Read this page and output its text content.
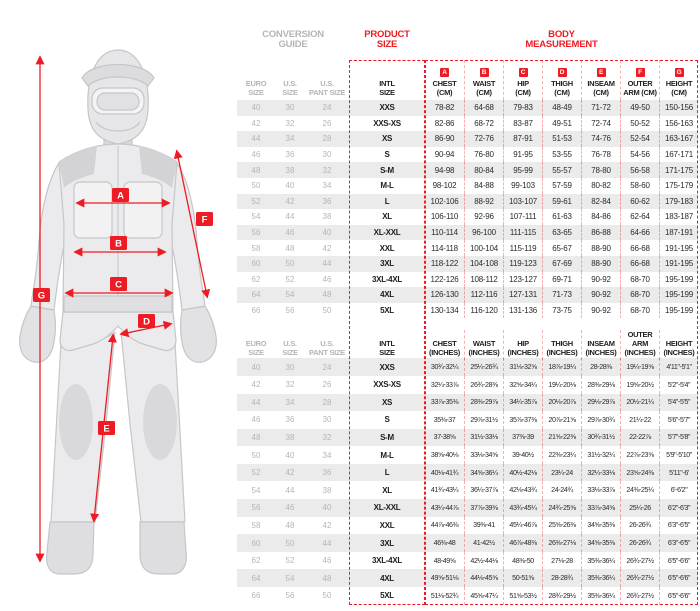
A
B
C
D
E
F
G
CONVERSION GUIDE
PRODUCT SIZE
BODY MEASUREMENT
EURO
SIZE
U.S.
SIZE
U.S.
PANT SIZE
INTL
SIZE
A
CHEST
(CM)
B
WAIST
(CM)
C
HIP
(CM)
D
THIGH
(CM)
E
INSEAM
(CM)
F
OUTER
ARM (CM)
G
HEIGHT
(CM)
40	30	24	XXS	78-82	64-68	79-83	48-49	71-72	49-50	150-156
42	32	26	XXS-XS	82-86	68-72	83-87	49-51	72-74	50-52	156-163
44	34	28	XS	86-90	72-76	87-91	51-53	74-76	52-54	163-167
46	36	30	S	90-94	76-80	91-95	53-55	76-78	54-56	167-171
48	38	32	S-M	94-98	80-84	95-99	55-57	78-80	56-58	171-175
50	40	34	M-L	98-102	84-88	99-103	57-59	80-82	58-60	175-179
52	42	36	L	102-106	88-92	103-107	59-61	82-84	60-62	179-183
54	44	38	XL	106-110	92-96	107-111	61-63	84-86	62-64	183-187
56	46	40	XL-XXL	110-114	96-100	111-115	63-65	86-88	64-66	187-191
58	48	42	XXL	114-118	100-104	115-119	65-67	88-90	66-68	191-195
60	50	44	3XL	118-122	104-108	119-123	67-69	88-90	66-68	191-195
62	52	46	3XL-4XL	122-126	108-112	123-127	69-71	90-92	68-70	195-199
64	54	48	4XL	126-130	112-116	127-131	71-73	90-92	68-70	195-199
66	56	50	5XL	130-134	116-120	131-136	73-75	90-92	68-70	195-199
EURO
SIZE
U.S.
SIZE
U.S.
PANT SIZE
INTL
SIZE
CHEST
(INCHES)
WAIST
(INCHES)
HIP
(INCHES)
THIGH
(INCHES)
INSEAM
(INCHES)
OUTER ARM
(INCHES)
HEIGHT
(INCHES)
40	30	24	XXS	30¾-32¼	25¼-26¾	31⅛-32⅝	18⅞-19¼	28-28⅜	19¼-19⅝	4'11"-5'1"
42	32	26	XXS-XS	32¼-33⅞	26¾-28⅜	32⅝-34¼	19¼-20⅛	28⅜-29⅛	19⅝-20½	5'2"-5'4"
44	34	28	XS	33⅞-35⅜	28⅜-29⅞	34¼-35⅞	20⅛-20⅞	29⅛-29⅞	20½-21¼	5'4"-5'5"
46	36	30	S	35⅜-37	29⅞-31½	35⅞-37⅜	20⅞-21⅝	29⅞-30¾	21¼-22	5'6"-5'7"
48	38	32	S-M	37-38⅝	31½-33⅛	37⅜-39	21⅝-22⅜	30¾-31½	22-22⅞	5'7"-5'8"
50	40	34	M-L	38⅝-40⅛	33⅛-34⅝	39-40½	22⅜-23¼	31½-32¼	22⅞-23⅝	5'9"-5'10"
52	42	36	L	40⅛-41¾	34⅝-36¼	40½-42⅛	23¼-24	32¼-33⅛	23⅝-24⅜	5'11"-6'
54	44	38	XL	41¾-43¼	36¼-37⅞	42⅛-43¾	24-24¾	33⅛-33⅞	24⅜-25¼	6'-6'2"
56	46	40	XL-XXL	43¼-44⅞	37⅞-39⅜	43¾-45¼	24¾-25⅝	33⅞-34⅝	25¼-26	6'2"-6'3"
58	48	42	XXL	44⅞-46⅜	39⅜-41	45¼-46⅞	25⅝-26⅜	34⅝-35⅜	26-26¾	6'3"-6'5"
60	50	44	3XL	46⅜-48	41-42½	46⅞-48⅜	26⅜-27⅛	34⅝-35⅜	26-26¾	6'3"-6'5"
62	52	46	3XL-4XL	48-49⅝	42½-44⅛	48⅜-50	27⅛-28	35⅜-36¼	26¾-27½	6'5"-6'6"
64	54	48	4XL	49⅝-51⅛	44⅛-45⅝	50-51⅝	28-28¾	35⅜-36¼	26¾-27½	6'5"-6'6"
66	56	50	5XL	51⅛-52¾	45⅝-47¼	51⅝-53½	28¾-29½	35⅜-36¼	26¾-27½	6'5"-6'6"
